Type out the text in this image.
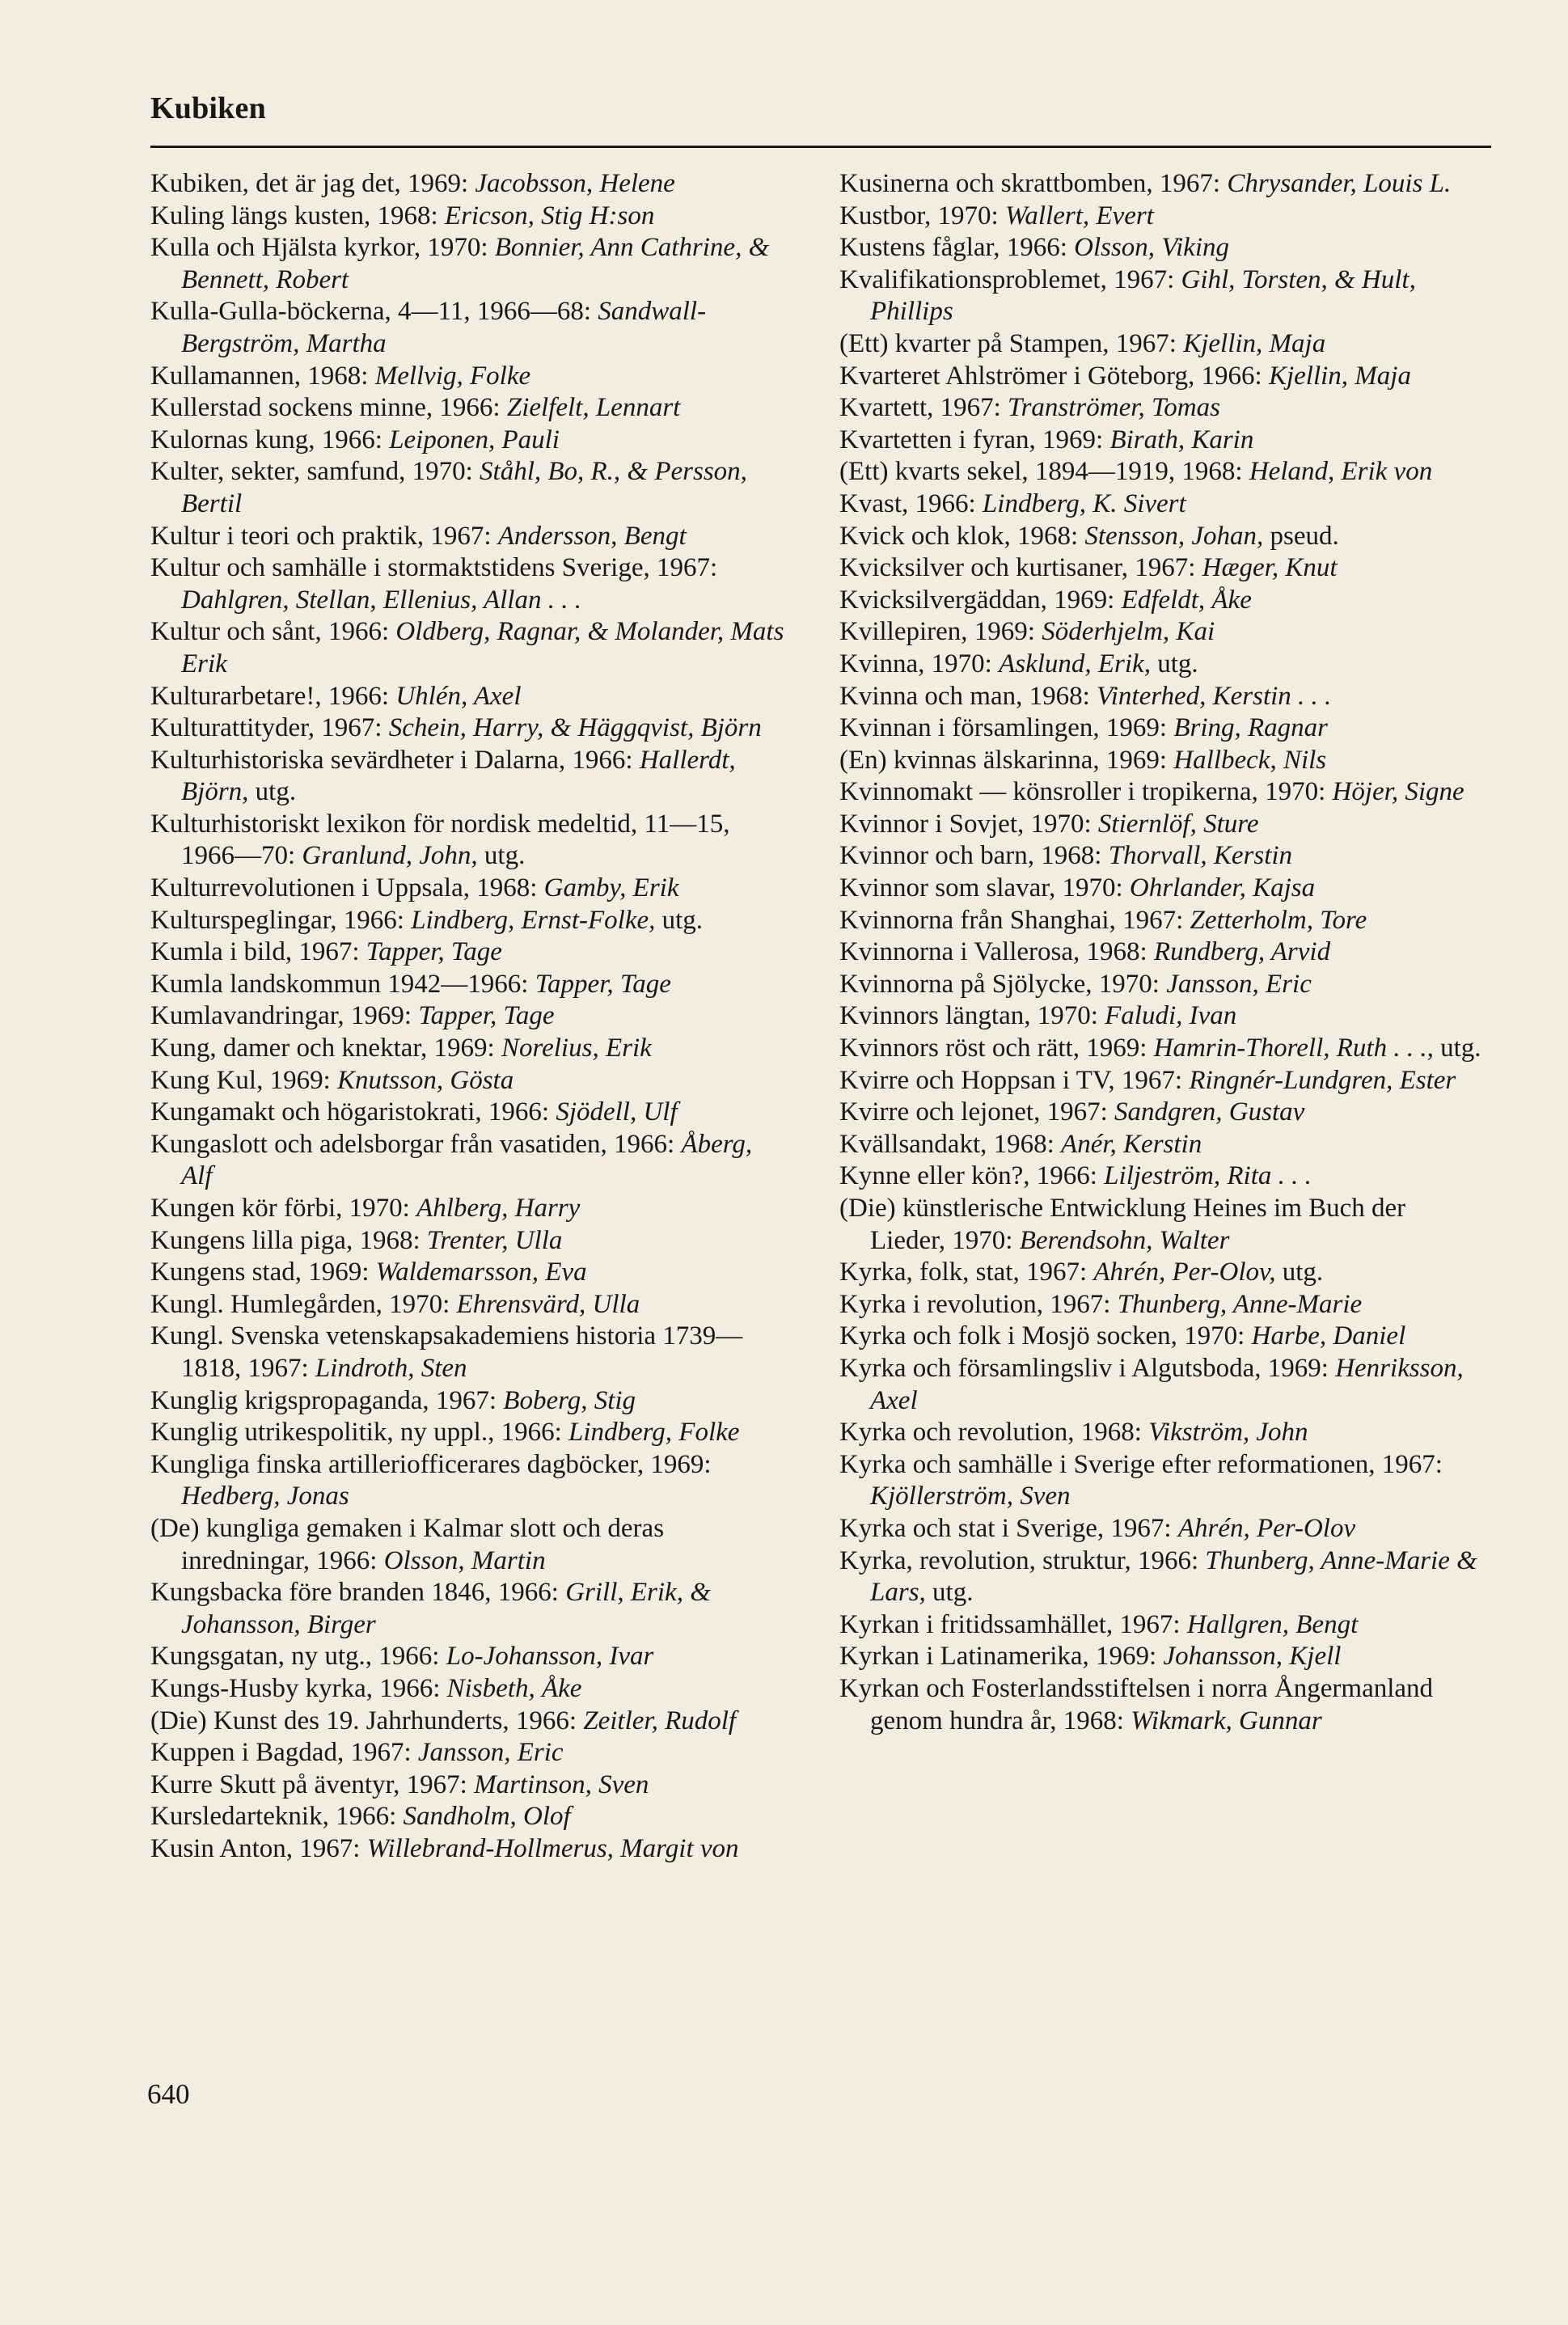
Kubiken
Kubiken, det är jag det, 1969: Jacobsson, Helene
Kuling längs kusten, 1968: Ericson, Stig H:son
Kulla och Hjälsta kyrkor, 1970: Bonnier, Ann Cathrine, & Bennett, Robert
Kulla-Gulla-böckerna, 4—11, 1966—68: Sandwall-Bergström, Martha
Kullamannen, 1968: Mellvig, Folke
Kullerstad sockens minne, 1966: Zielfelt, Lennart
Kulornas kung, 1966: Leiponen, Pauli
Kulter, sekter, samfund, 1970: Ståhl, Bo, R., & Persson, Bertil
Kultur i teori och praktik, 1967: Andersson, Bengt
Kultur och samhälle i stormaktstidens Sverige, 1967: Dahlgren, Stellan, Ellenius, Allan . . .
Kultur och sånt, 1966: Oldberg, Ragnar, & Molander, Mats Erik
Kulturarbetare!, 1966: Uhlén, Axel
Kulturattityder, 1967: Schein, Harry, & Häggqvist, Björn
Kulturhistoriska sevärdheter i Dalarna, 1966: Hallerdt, Björn, utg.
Kulturhistoriskt lexikon för nordisk medeltid, 11—15, 1966—70: Granlund, John, utg.
Kulturrevolutionen i Uppsala, 1968: Gamby, Erik
Kulturspeglingar, 1966: Lindberg, Ernst-Folke, utg.
Kumla i bild, 1967: Tapper, Tage
Kumla landskommun 1942—1966: Tapper, Tage
Kumlavandringar, 1969: Tapper, Tage
Kung, damer och knektar, 1969: Norelius, Erik
Kung Kul, 1969: Knutsson, Gösta
Kungamakt och högaristokrati, 1966: Sjödell, Ulf
Kungaslott och adelsborgar från vasatiden, 1966: Åberg, Alf
Kungen kör förbi, 1970: Ahlberg, Harry
Kungens lilla piga, 1968: Trenter, Ulla
Kungens stad, 1969: Waldemarsson, Eva
Kungl. Humlegården, 1970: Ehrensvärd, Ulla
Kungl. Svenska vetenskapsakademiens historia 1739—1818, 1967: Lindroth, Sten
Kunglig krigspropaganda, 1967: Boberg, Stig
Kunglig utrikespolitik, ny uppl., 1966: Lindberg, Folke
Kungliga finska artilleriofficerares dagböcker, 1969: Hedberg, Jonas
(De) kungliga gemaken i Kalmar slott och deras inredningar, 1966: Olsson, Martin
Kungsbacka före branden 1846, 1966: Grill, Erik, & Johansson, Birger
Kungsgatan, ny utg., 1966: Lo-Johansson, Ivar
Kungs-Husby kyrka, 1966: Nisbeth, Åke
(Die) Kunst des 19. Jahrhunderts, 1966: Zeitler, Rudolf
Kuppen i Bagdad, 1967: Jansson, Eric
Kurre Skutt på äventyr, 1967: Martinson, Sven
Kursledarteknik, 1966: Sandholm, Olof
Kusin Anton, 1967: Willebrand-Hollmerus, Margit von
Kusinerna och skrattbomben, 1967: Chrysander, Louis L.
Kustbor, 1970: Wallert, Evert
Kustens fåglar, 1966: Olsson, Viking
Kvalifikationsproblemet, 1967: Gihl, Torsten, & Hult, Phillips
(Ett) kvarter på Stampen, 1967: Kjellin, Maja
Kvarteret Ahlströmer i Göteborg, 1966: Kjellin, Maja
Kvartett, 1967: Tranströmer, Tomas
Kvartetten i fyran, 1969: Birath, Karin
(Ett) kvarts sekel, 1894—1919, 1968: Heland, Erik von
Kvast, 1966: Lindberg, K. Sivert
Kvick och klok, 1968: Stensson, Johan, pseud.
Kvicksilver och kurtisaner, 1967: Hæger, Knut
Kvicksilvergäddan, 1969: Edfeldt, Åke
Kvillepiren, 1969: Söderhjelm, Kai
Kvinna, 1970: Asklund, Erik, utg.
Kvinna och man, 1968: Vinterhed, Kerstin . . .
Kvinnan i församlingen, 1969: Bring, Ragnar
(En) kvinnas älskarinna, 1969: Hallbeck, Nils
Kvinnomakt — könsroller i tropikerna, 1970: Höjer, Signe
Kvinnor i Sovjet, 1970: Stiernlöf, Sture
Kvinnor och barn, 1968: Thorvall, Kerstin
Kvinnor som slavar, 1970: Ohrlander, Kajsa
Kvinnorna från Shanghai, 1967: Zetterholm, Tore
Kvinnorna i Vallerosa, 1968: Rundberg, Arvid
Kvinnorna på Sjölycke, 1970: Jansson, Eric
Kvinnors längtan, 1970: Faludi, Ivan
Kvinnors röst och rätt, 1969: Hamrin-Thorell, Ruth . . ., utg.
Kvirre och Hoppsan i TV, 1967: Ringnér-Lundgren, Ester
Kvirre och lejonet, 1967: Sandgren, Gustav
Kvällsandakt, 1968: Anér, Kerstin
Kynne eller kön?, 1966: Liljeström, Rita . . .
(Die) künstlerische Entwicklung Heines im Buch der Lieder, 1970: Berendsohn, Walter
Kyrka, folk, stat, 1967: Ahrén, Per-Olov, utg.
Kyrka i revolution, 1967: Thunberg, Anne-Marie
Kyrka och folk i Mosjö socken, 1970: Harbe, Daniel
Kyrka och församlingsliv i Algutsboda, 1969: Henriksson, Axel
Kyrka och revolution, 1968: Vikström, John
Kyrka och samhälle i Sverige efter reformationen, 1967: Kjöllerström, Sven
Kyrka och stat i Sverige, 1967: Ahrén, Per-Olov
Kyrka, revolution, struktur, 1966: Thunberg, Anne-Marie & Lars, utg.
Kyrkan i fritidssamhället, 1967: Hallgren, Bengt
Kyrkan i Latinamerika, 1969: Johansson, Kjell
Kyrkan och Fosterlandsstiftelsen i norra Ångermanland genom hundra år, 1968: Wikmark, Gunnar
640
